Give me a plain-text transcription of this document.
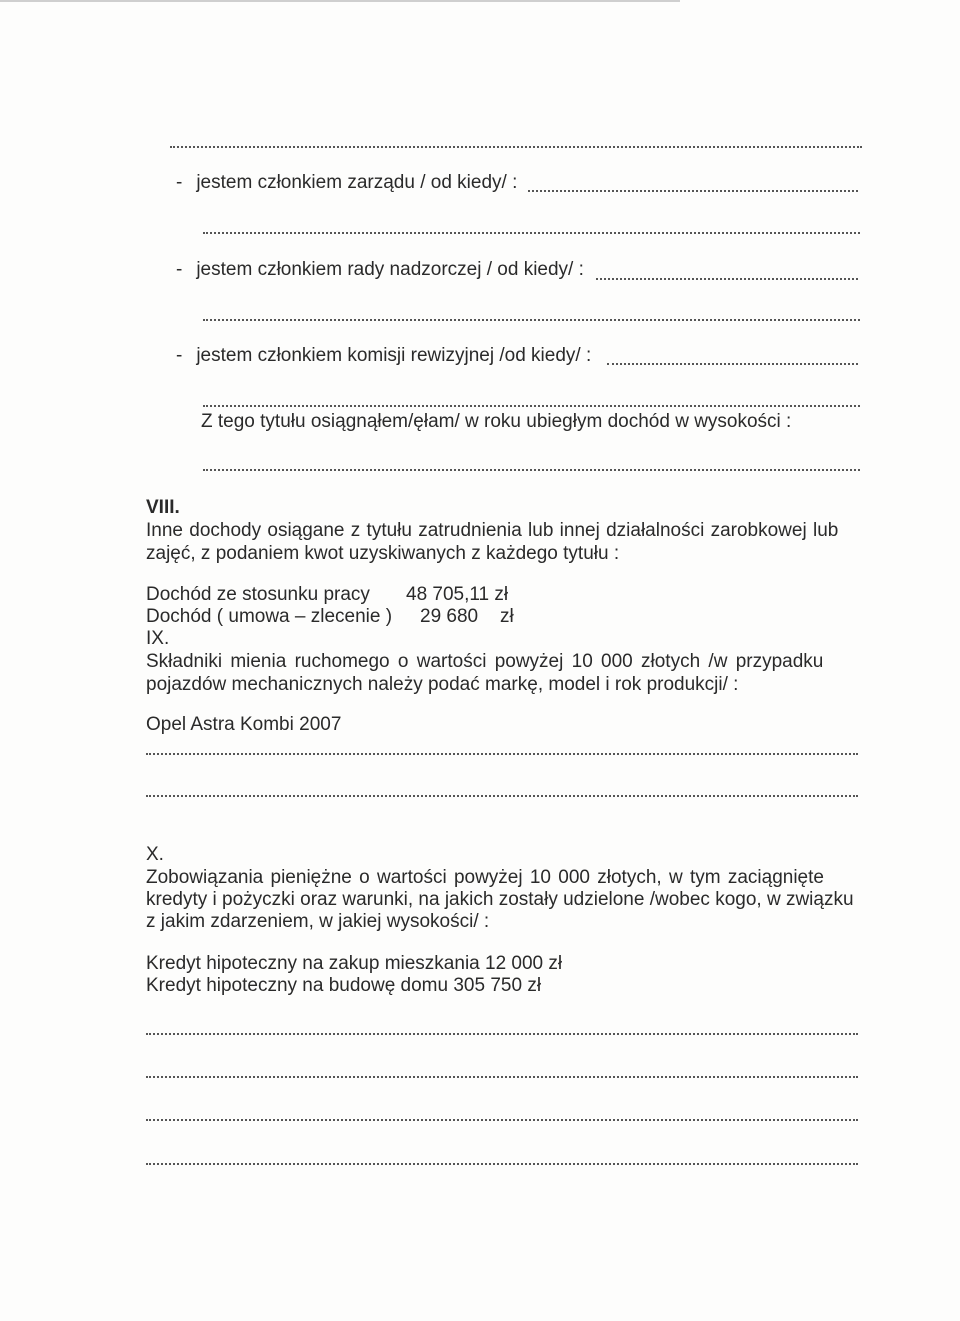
- jestem członkiem zarządu / od kiedy/ :
- jestem członkiem rady nadzorczej / od kiedy/ :
- jestem członkiem komisji rewizyjnej /od kiedy/ :
Z tego tytułu osiągnąłem/ęłam/ w roku ubiegłym dochód w wysokości :
VIII.
Inne dochody osiągane z tytułu zatrudnienia lub innej działalności zarobkowej lub
zajęć, z podaniem kwot uzyskiwanych z każdego tytułu :
Dochód ze stosunku pracy 48 705,11 zł
Dochód ( umowa – zlecenie ) 29 680 zł
IX.
Składniki mienia ruchomego o wartości powyżej 10 000 złotych /w przypadku
pojazdów mechanicznych należy podać markę, model i rok produkcji/ :
Opel Astra Kombi 2007
X.
Zobowiązania pieniężne o wartości powyżej 10 000 złotych, w tym zaciągnięte
kredyty i pożyczki oraz warunki, na jakich zostały udzielone /wobec kogo, w związku
z jakim zdarzeniem, w jakiej wysokości/ :
Kredyt hipoteczny na zakup mieszkania 12 000 zł
Kredyt hipoteczny na budowę domu 305 750 zł
